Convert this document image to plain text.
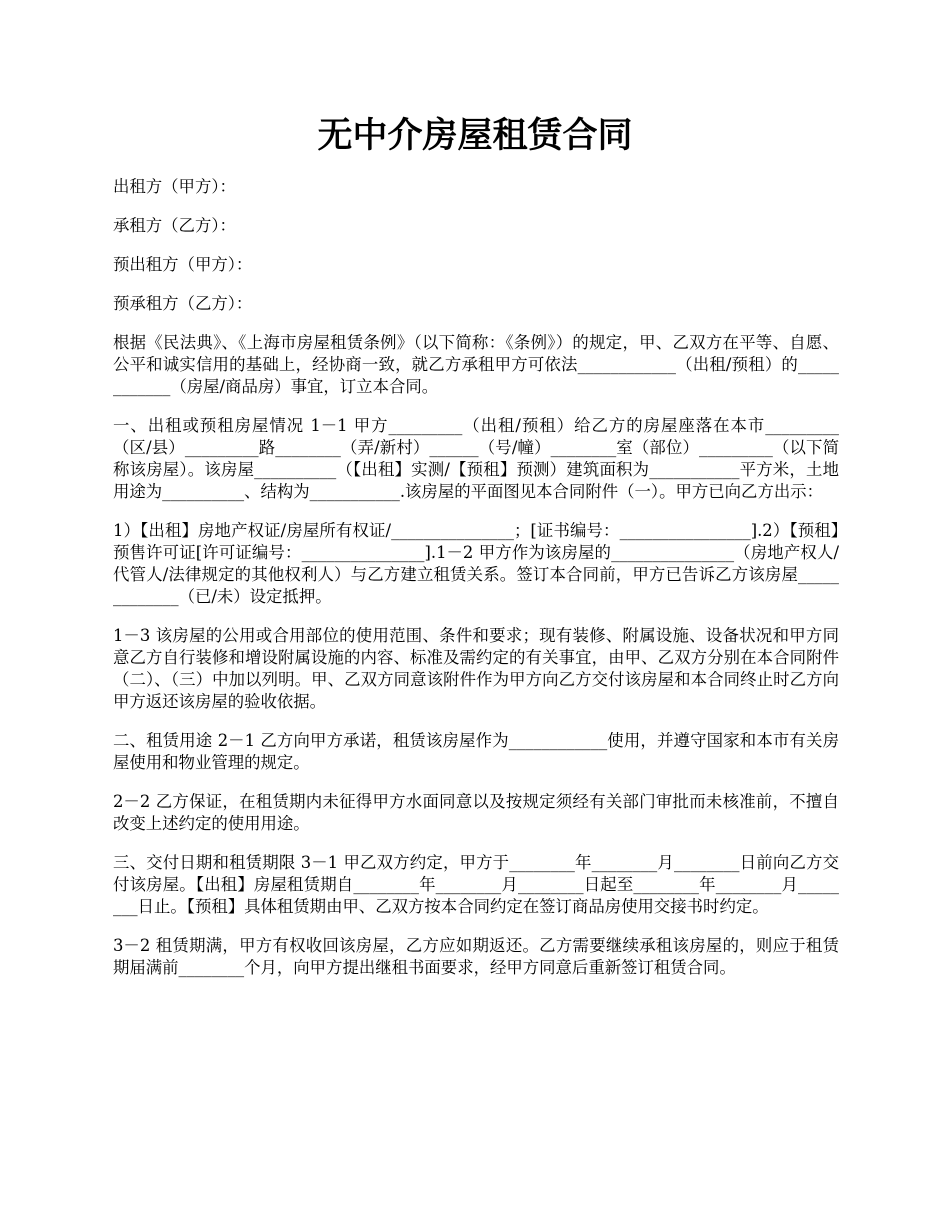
无中介房屋租赁合同

出租方（甲方）：

承租方（乙方）：

预出租方（甲方）：

预承租方（乙方）：

根据《民法典》、《上海市房屋租赁条例》（以下简称：《条例》）的规定，甲、乙双方在平等、自愿、公平和诚实信用的基础上，经协商一致，就乙方承租甲方可依法____________（出租/预租）的____________（房屋/商品房）事宜，订立本合同。

一、出租或预租房屋情况 1－1 甲方_________（出租/预租）给乙方的房屋座落在本市_________（区/县）_________路________（弄/新村）______（号/幢）________室（部位）_________（以下简称该房屋）。该房屋__________（【出租】实测/【预租】预测）建筑面积为___________平方米，土地用途为__________、结构为___________.该房屋的平面图见本合同附件（一）。甲方已向乙方出示：

1）【出租】房地产权证/房屋所有权证/_______________；[证书编号：________________].2）【预租】预售许可证[许可证编号：_______________].1－2 甲方作为该房屋的_______________（房地产权人/代管人/法律规定的其他权利人）与乙方建立租赁关系。签订本合同前，甲方已告诉乙方该房屋_____________（已/未）设定抵押。

1－3 该房屋的公用或合用部位的使用范围、条件和要求；现有装修、附属设施、设备状况和甲方同意乙方自行装修和增设附属设施的内容、标准及需约定的有关事宜，由甲、乙双方分别在本合同附件（二）、（三）中加以列明。甲、乙双方同意该附件作为甲方向乙方交付该房屋和本合同终止时乙方向甲方返还该房屋的验收依据。

二、租赁用途 2－1 乙方向甲方承诺，租赁该房屋作为____________使用，并遵守国家和本市有关房屋使用和物业管理的规定。

2－2 乙方保证，在租赁期内未征得甲方水面同意以及按规定须经有关部门审批而未核准前，不擅自改变上述约定的使用用途。

三、交付日期和租赁期限 3－1 甲乙双方约定，甲方于________年________月________日前向乙方交付该房屋。【出租】房屋租赁期自________年________月________日起至________年________月________日止。【预租】具体租赁期由甲、乙双方按本合同约定在签订商品房使用交接书时约定。

3－2 租赁期满，甲方有权收回该房屋，乙方应如期返还。乙方需要继续承租该房屋的，则应于租赁期届满前________个月，向甲方提出继租书面要求，经甲方同意后重新签订租赁合同。
